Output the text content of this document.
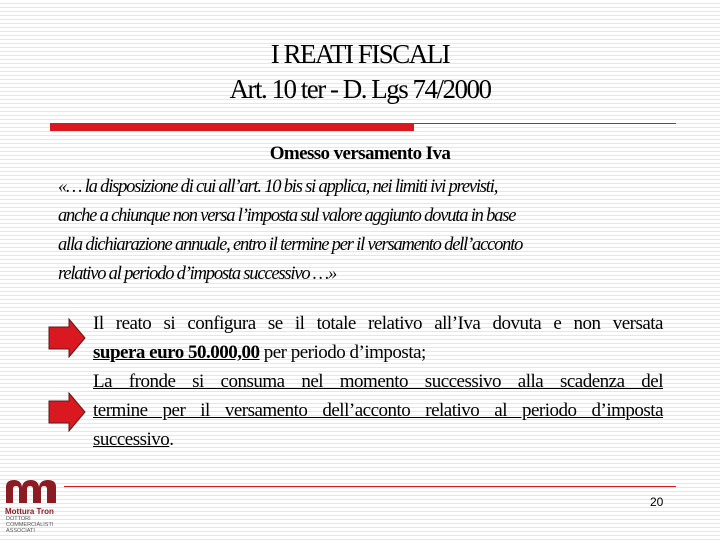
I REATI FISCALI
Art. 10 ter - D. Lgs 74/2000
Omesso versamento Iva
«… la disposizione di cui all’art. 10 bis si applica, nei limiti ivi previsti,
anche a chiunque non versa l’imposta sul valore aggiunto dovuta in base
alla dichiarazione annuale, entro il termine per il versamento dell’acconto
relativo al periodo d’imposta successivo …»
Il reato si configura se il totale relativo all’Iva dovuta e non versata
supera euro 50.000,00 per periodo d’imposta;
La fronde si consuma nel momento successivo alla scadenza del
termine per il versamento dell’acconto relativo al periodo d’imposta
successivo.
Mottura Tron
DOTTORI
COMMERCIALISTI
ASSOCIATI
20
